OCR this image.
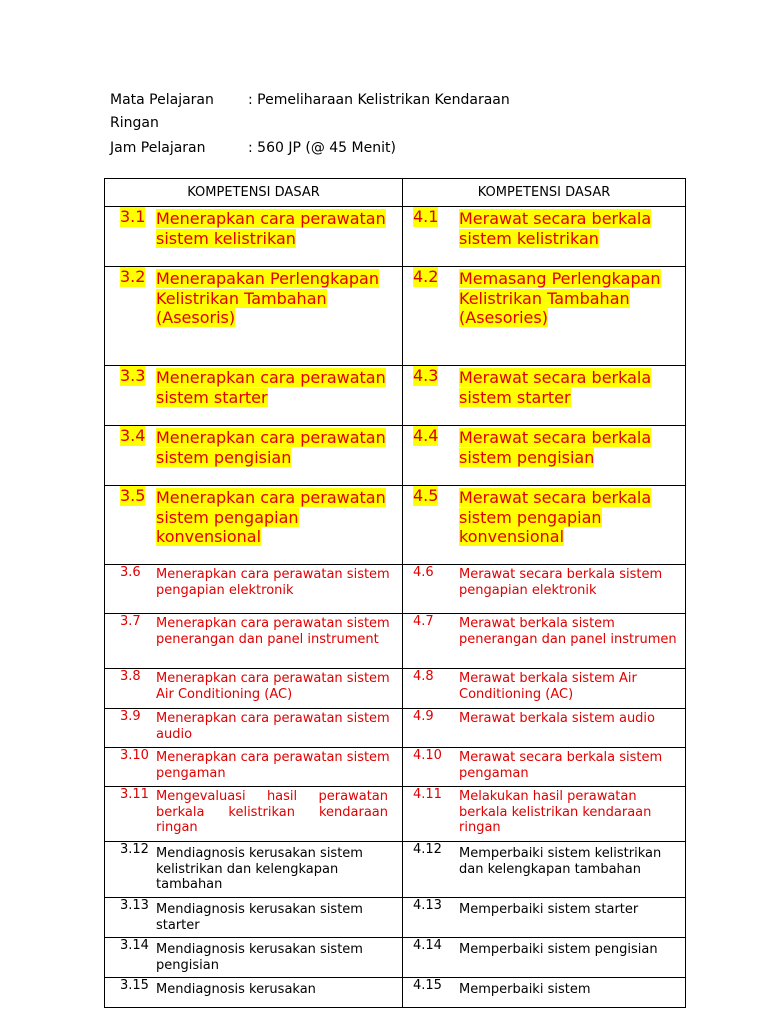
Mata Pelajaran : Pemeliharaan Kelistrikan Kendaraan
Ringan
Jam Pelajaran	: 560 JP (@ 45 Menit)
KOMPETENSI DASAR	KOMPETENSI DASAR

3.1 Menerapkan cara perawatan sistem kelistrikan	4.1 Merawat secara berkala sistem kelistrikan

3.2 Menerapakan Perlengkapan Kelistrikan Tambahan (Asesoris)	4.2 Memasang Perlengkapan Kelistrikan Tambahan (Asesories)

3.3 Menerapkan cara perawatan sistem starter	4.3 Merawat secara berkala sistem starter

3.4 Menerapkan cara perawatan sistem pengisian	4.4 Merawat secara berkala sistem pengisian

3.5 Menerapkan cara perawatan sistem pengapian konvensional	4.5 Merawat secara berkala sistem pengapian konvensional

3.6 Menerapkan cara perawatan sistem pengapian elektronik	4.6 Merawat secara berkala sistem pengapian elektronik

3.7 Menerapkan cara perawatan sistem penerangan dan panel instrument	4.7 Merawat berkala sistem penerangan dan panel instrumen

3.8 Menerapkan cara perawatan sistem Air Conditioning (AC)	4.8 Merawat berkala sistem Air Conditioning (AC)

3.9 Menerapkan cara perawatan sistem audio	4.9 Merawat berkala sistem audio

3.10 Menerapkan cara perawatan sistem pengaman	4.10 Merawat secara berkala sistem pengaman

3.11 Mengevaluasi hasil perawatan berkala kelistrikan kendaraan ringan	4.11 Melakukan hasil perawatan berkala kelistrikan kendaraan ringan

3.12 Mendiagnosis kerusakan sistem kelistrikan dan kelengkapan tambahan	4.12 Memperbaiki sistem kelistrikan dan kelengkapan tambahan

3.13 Mendiagnosis kerusakan sistem starter	4.13 Memperbaiki sistem starter

3.14 Mendiagnosis kerusakan sistem pengisian	4.14 Memperbaiki sistem pengisian

3.15 Mendiagnosis kerusakan	4.15 Memperbaiki sistem
